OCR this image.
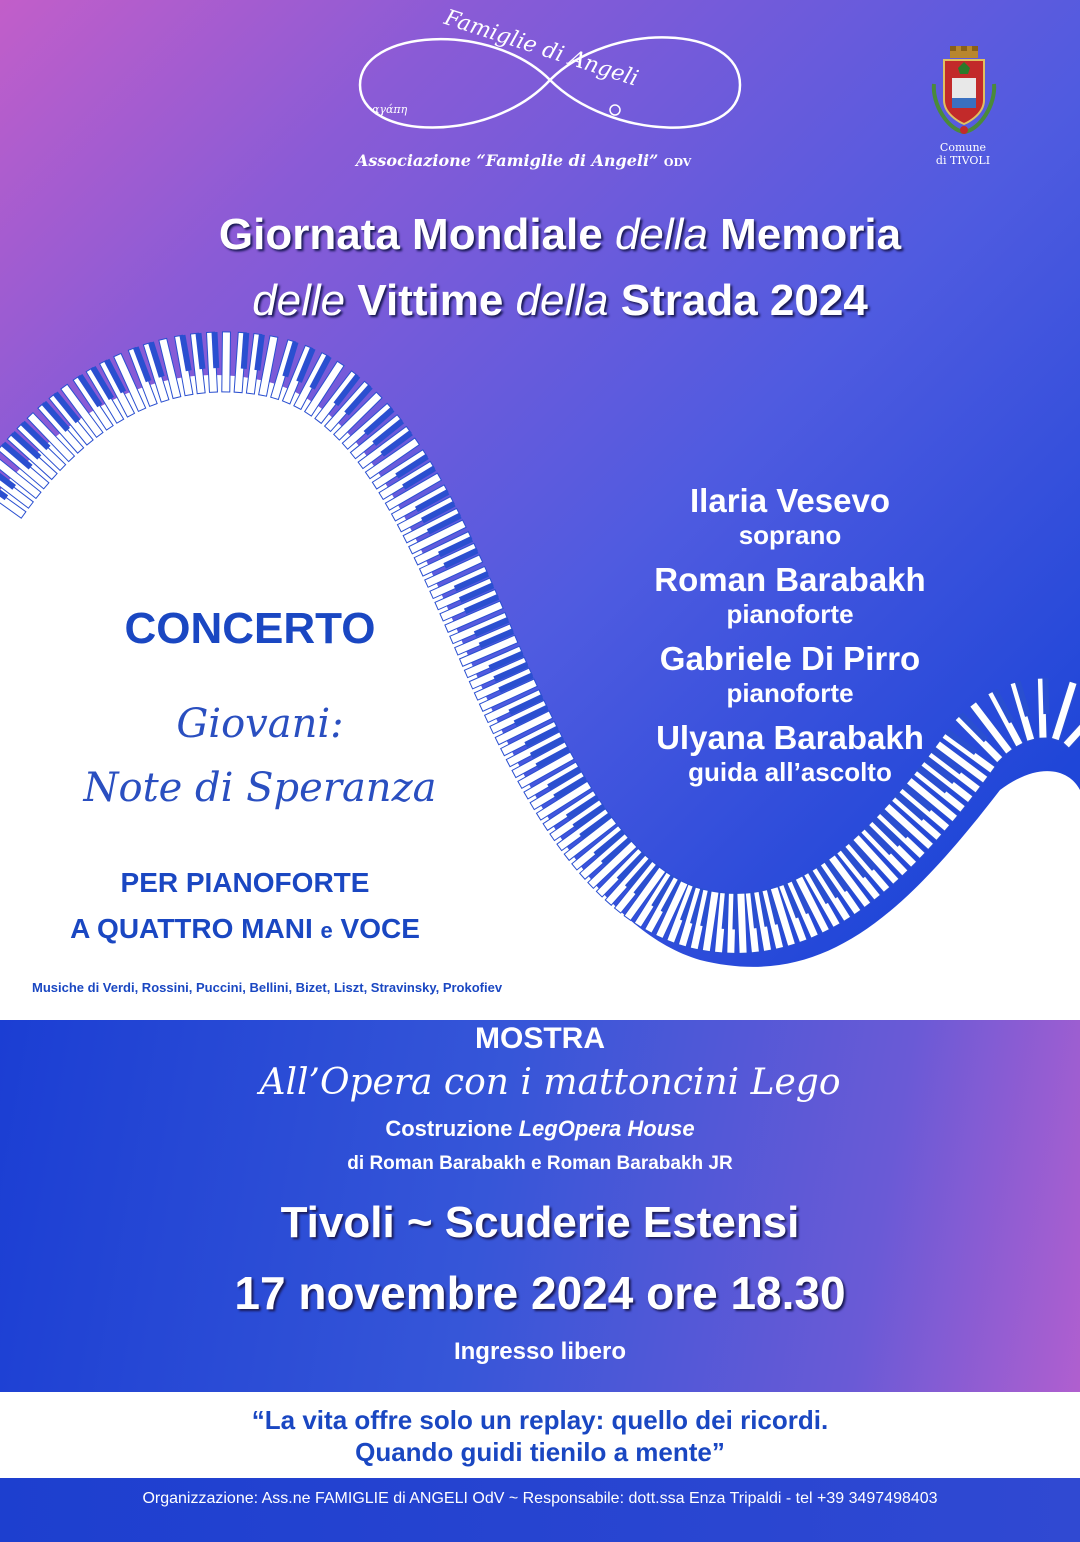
Famiglie di Angeli
αγάπη
Associazione “Famiglie di Angeli” ODV
Comune
di TIVOLI
Giornata Mondiale della Memoria
delle Vittime della Strada 2024
Ilaria Vesevo
soprano
Roman Barabakh
pianoforte
Gabriele Di Pirro
pianoforte
Ulyana Barabakh
guida all’ascolto
CONCERTO
Giovani:
Note di Speranza
PER PIANOFORTE
A QUATTRO MANI e VOCE
Musiche di Verdi, Rossini, Puccini, Bellini, Bizet, Liszt, Stravinsky, Prokofiev
MOSTRA
All’Opera con i mattoncini Lego
Costruzione LegOpera House
di Roman Barabakh e Roman Barabakh JR
Tivoli ~ Scuderie Estensi
17 novembre 2024 ore 18.30
Ingresso libero
“La vita offre solo un replay: quello dei ricordi.
Quando guidi tienilo a mente”
Organizzazione: Ass.ne FAMIGLIE di ANGELI OdV ~ Responsabile: dott.ssa Enza Tripaldi - tel +39 3497498403
